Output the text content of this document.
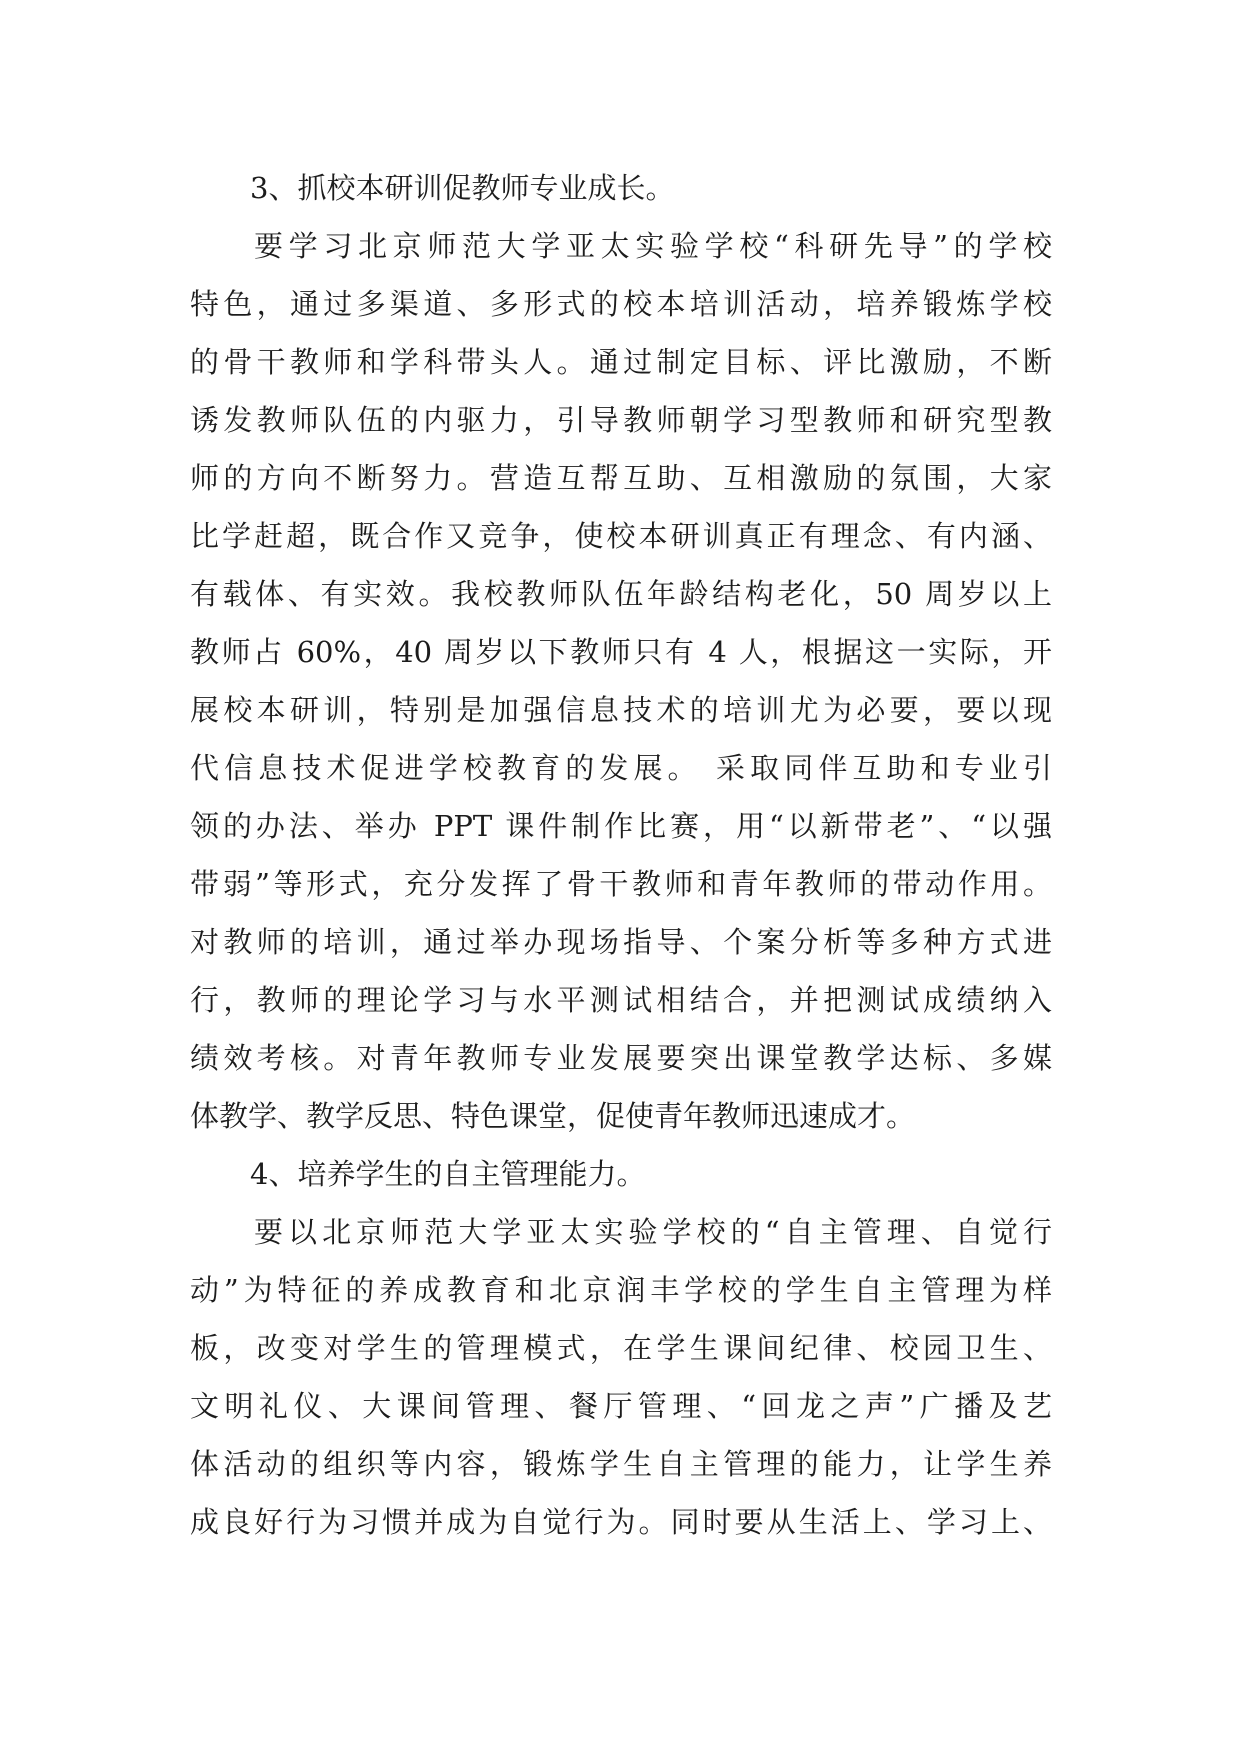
3、抓校本研训促教师专业成长。
要学习北京师范大学亚太实验学校“科研先导”的学校
特色，通过多渠道、多形式的校本培训活动，培养锻炼学校
的骨干教师和学科带头人。通过制定目标、评比激励，不断
诱发教师队伍的内驱力，引导教师朝学习型教师和研究型教
师的方向不断努力。营造互帮互助、互相激励的氛围，大家
比学赶超，既合作又竞争，使校本研训真正有理念、有内涵、
有载体、有实效。我校教师队伍年龄结构老化，50 周岁以上
教师占 60%，40 周岁以下教师只有 4 人，根据这一实际，开
展校本研训，特别是加强信息技术的培训尤为必要，要以现
代信息技术促进学校教育的发展。 采取同伴互助和专业引
领的办法、举办 PPT 课件制作比赛，用“以新带老”、“以强
带弱”等形式，充分发挥了骨干教师和青年教师的带动作用。
对教师的培训，通过举办现场指导、个案分析等多种方式进
行，教师的理论学习与水平测试相结合，并把测试成绩纳入
绩效考核。对青年教师专业发展要突出课堂教学达标、多媒
体教学、教学反思、特色课堂，促使青年教师迅速成才。
4、培养学生的自主管理能力。
要以北京师范大学亚太实验学校的“自主管理、自觉行
动”为特征的养成教育和北京润丰学校的学生自主管理为样
板，改变对学生的管理模式，在学生课间纪律、校园卫生、
文明礼仪、大课间管理、餐厅管理、“回龙之声”广播及艺
体活动的组织等内容，锻炼学生自主管理的能力，让学生养
成良好行为习惯并成为自觉行为。同时要从生活上、学习上、
